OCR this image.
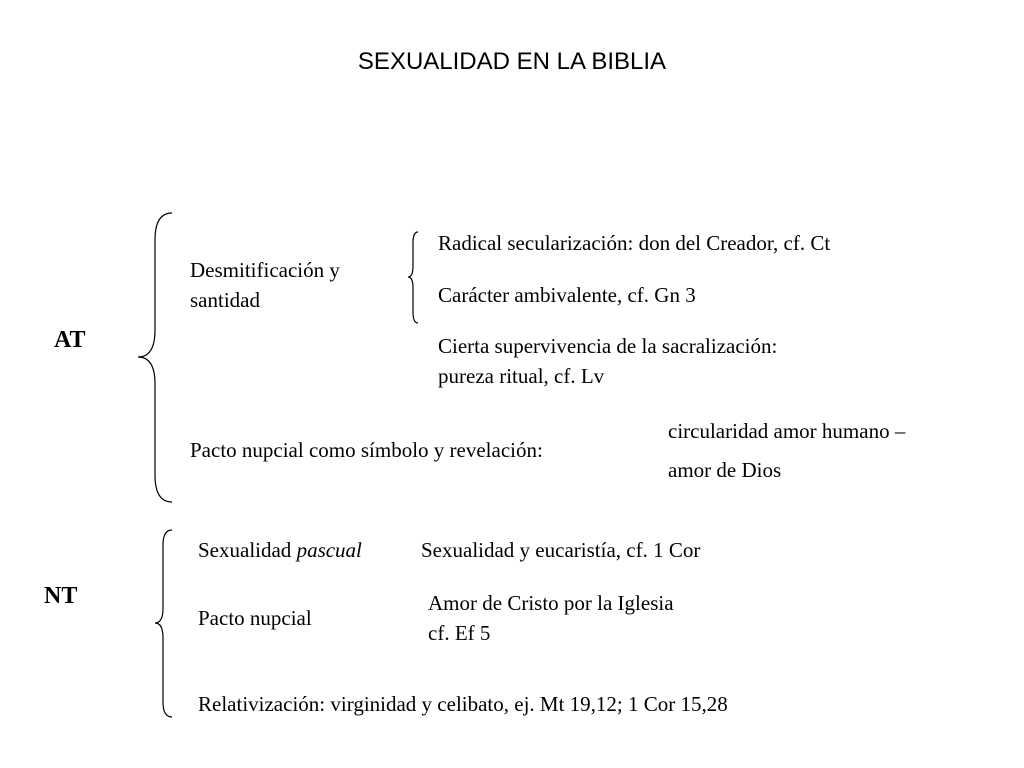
SEXUALIDAD EN LA BIBLIA
AT
Desmitificación y
santidad
Radical secularización: don del Creador, cf. Ct
Carácter ambivalente, cf. Gn 3
Cierta supervivencia de la sacralización:
pureza ritual, cf. Lv
Pacto nupcial como símbolo y revelación:
circularidad amor humano –
amor de Dios
NT
Sexualidad pascual	Sexualidad y eucaristía, cf. 1 Cor
Pacto nupcial
Amor de Cristo por la Iglesia
cf. Ef 5
Relativización: virginidad y celibato, ej. Mt 19,12; 1 Cor 15,28
